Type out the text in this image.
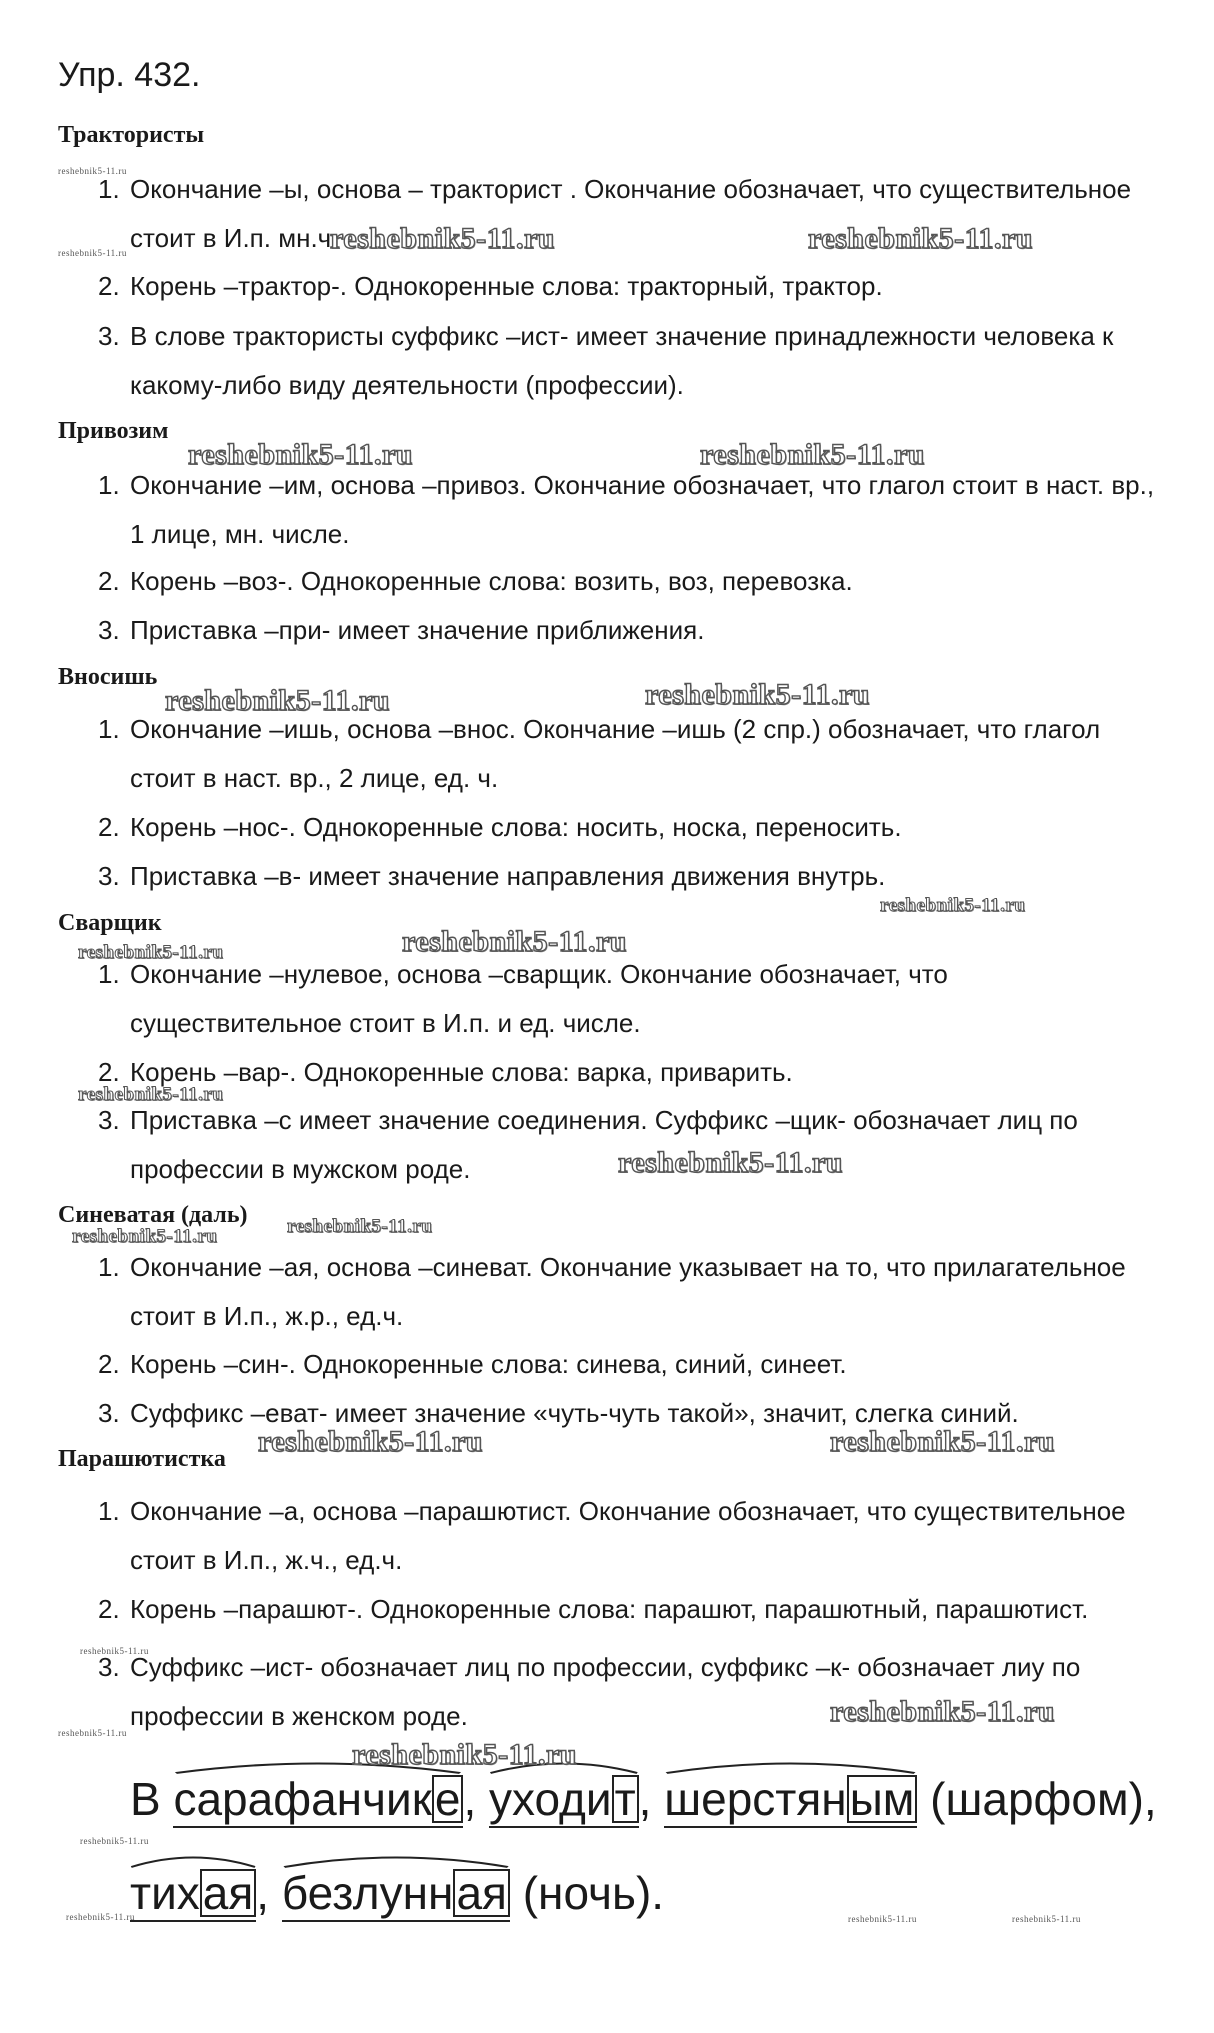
Упр. 432.
Трактористы
1. Окончание –ы, основа – тракторист . Окончание обозначает, что существительное стоит в И.п. мн.ч.
2. Корень –трактор-. Однокоренные слова: тракторный, трактор.
3. В слове трактористы суффикс –ист- имеет значение принадлежности человека к какому-либо виду деятельности (профессии).
Привозим
1. Окончание –им, основа –привоз. Окончание обозначает, что глагол стоит в наст. вр., 1 лице, мн. числе.
2. Корень –воз-. Однокоренные слова: возить, воз, перевозка.
3. Приставка –при- имеет значение приближения.
Вносишь
1. Окончание –ишь, основа –внос. Окончание –ишь (2 спр.) обозначает, что глагол стоит в наст. вр., 2 лице, ед. ч.
2. Корень –нос-. Однокоренные слова: носить, носка, переносить.
3. Приставка –в- имеет значение направления движения внутрь.
Сварщик
1. Окончание –нулевое, основа –сварщик. Окончание обозначает, что существительное стоит в И.п. и ед. числе.
2. Корень –вар-. Однокоренные слова: варка, приварить.
3. Приставка –с имеет значение соединения. Суффикс –щик- обозначает лиц по профессии в мужском роде.
Синеватая (даль)
1. Окончание –ая, основа –синеват. Окончание указывает на то, что прилагательное стоит в И.п., ж.р., ед.ч.
2. Корень –син-. Однокоренные слова: синева, синий, синеет.
3. Суффикс –еват- имеет значение «чуть-чуть такой», значит, слегка синий.
Парашютистка
1. Окончание –а, основа –парашютист. Окончание обозначает, что существительное стоит в И.п., ж.ч., ед.ч.
2. Корень –парашют-. Однокоренные слова: парашют, парашютный, парашютист.
3. Суффикс –ист- обозначает лиц по профессии, суффикс –к- обозначает лиу по профессии в женском роде.
В сарафанчике, уходит, шерстяным (шарфом),
тихая, безлунная (ночь).
reshebnik5-11.ru	reshebnik5-11.ru
reshebnik5-11.ru	reshebnik5-11.ru
reshebnik5-11.ru	reshebnik5-11.ru
reshebnik5-11.ru
reshebnik5-11.ru
reshebnik5-11.ru
reshebnik5-11.ru	reshebnik5-11.ru
reshebnik5-11.ru
reshebnik5-11.ru
reshebnik5-11.ru
reshebnik5-11.ru
reshebnik5-11.ru
reshebnik5-11.ru
reshebnik5-11.ru
reshebnik5-11.ru
reshebnik5-11.ru
reshebnik5-11.ru
reshebnik5-11.ru
reshebnik5-11.ru	reshebnik5-11.ru	reshebnik5-11.ru
